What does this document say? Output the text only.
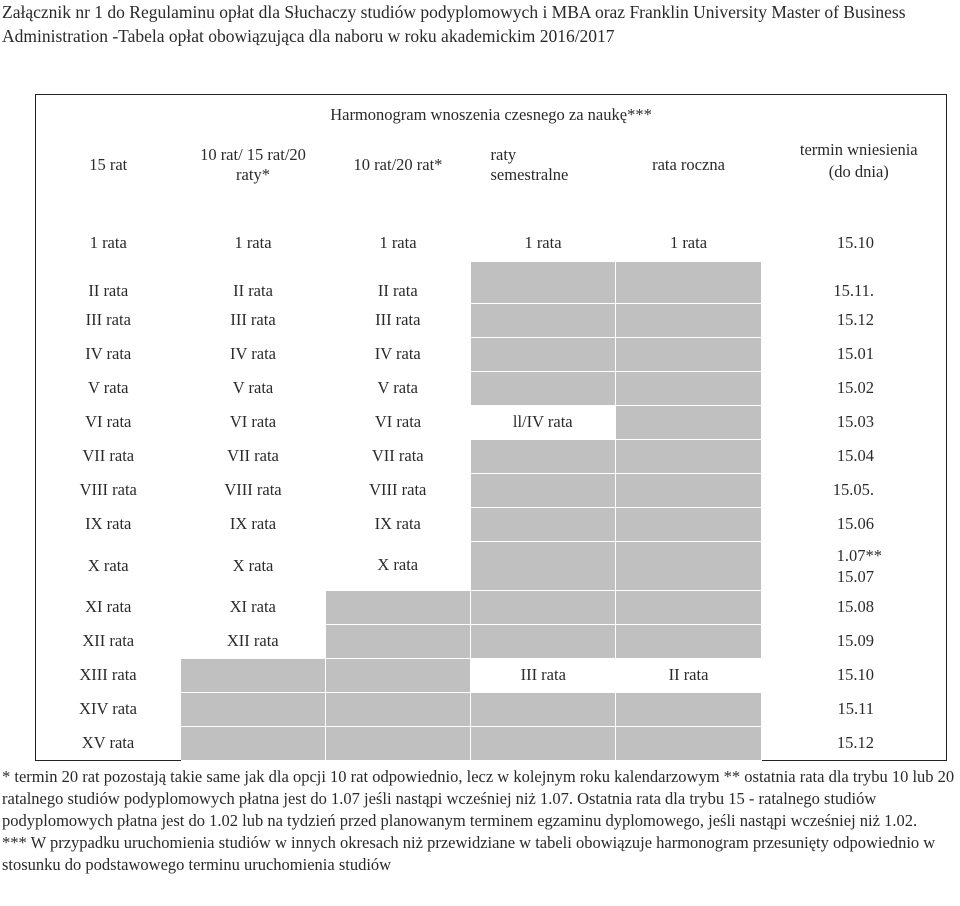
Załącznik nr 1 do Regulaminu opłat dla Słuchaczy studiów podyplomowych i MBA oraz Franklin University Master of Business Administration -Tabela opłat obowiązująca dla naboru w roku akademickim 2016/2017
Harmonogram wnoszenia czesnego za naukę***					
15 rat	10 rat/ 15 rat/20 raty*	10 rat/20 rat*	raty semestralne	rata roczna	termin wniesienia (do dnia)
1 rata	1 rata	1 rata	1 rata	1 rata	15.10
II rata	II rata	II rata			15.11.
III rata	III rata	III rata			15.12
IV rata	IV rata	IV rata			15.01
V rata	V rata	V rata			15.02
VI rata	VI rata	VI rata	ll/IV rata		15.03
VII rata	VII rata	VII rata			15.04
VIII rata	VIII rata	VIII rata			15.05.
IX rata	IX rata	IX rata			15.06
X rata	X rata	X rata			1.07**
15.07

XI rata	XI rata				15.08
XII rata	XII rata				15.09
XIII rata			III rata	II rata	15.10
XIV rata					15.11
XV rata					15.12

* termin 20 rat pozostają takie same jak dla opcji 10 rat odpowiednio, lecz w kolejnym roku kalendarzowym ** ostatnia rata dla trybu 10 lub 20 ratalnego studiów podyplomowych płatna jest do 1.07 jeśli nastąpi wcześniej niż 1.07. Ostatnia rata dla trybu 15 - ratalnego studiów podyplomowych płatna jest do 1.02 lub na tydzień przed planowanym terminem egzaminu dyplomowego, jeśli nastąpi wcześniej niż 1.02.

*** W przypadku uruchomienia studiów w innych okresach niż przewidziane w tabeli obowiązuje harmonogram przesunięty odpowiednio w stosunku do podstawowego terminu uruchomienia studiów
